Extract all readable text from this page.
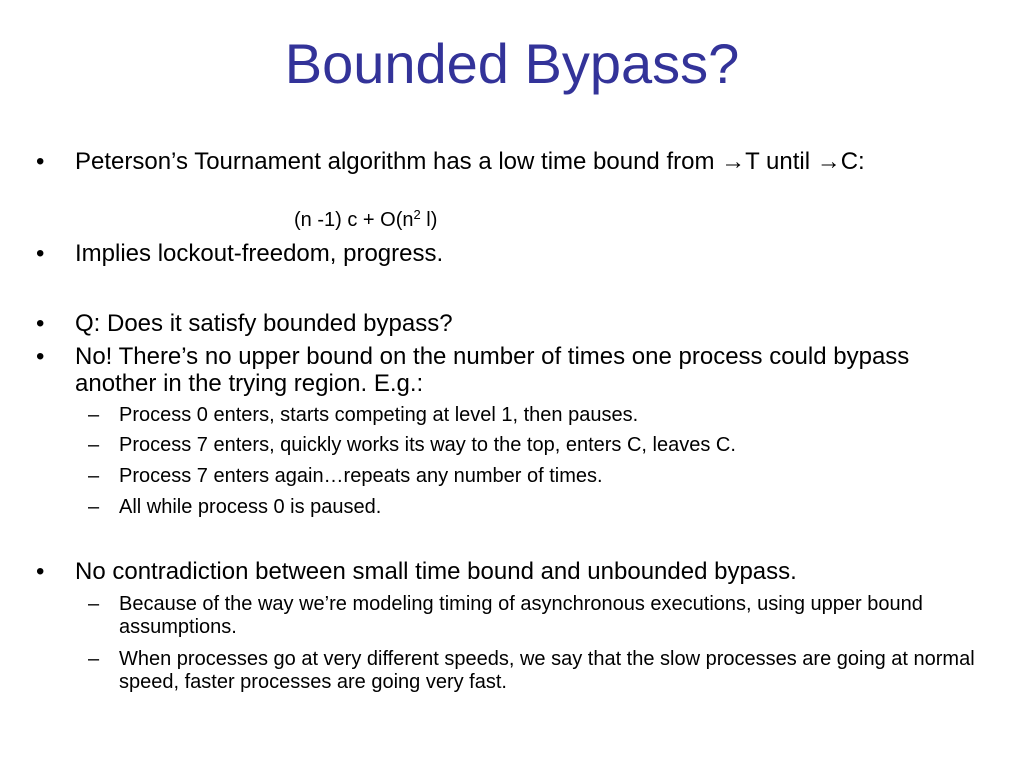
Bounded Bypass?
•	Peterson’s Tournament algorithm has a low time bound from →T until →C:
(n -1) $c + O(n^2$ l)
•	Implies lockout-freedom, progress.
•	Q: Does it satisfy bounded bypass?
•	No! There’s no upper bound on the number of times one process could bypass another in the trying region. E.g.:
– Process 0 enters, starts competing at level 1, then pauses.
– Process 7 enters, quickly works its way to the top, enters C, leaves C.
– Process 7 enters again…repeats any number of times.
– All while process 0 is paused.
•	No contradiction between small time bound and unbounded bypass.
– Because of the way we’re modeling timing of asynchronous executions, using upper bound assumptions.
– When processes go at very different speeds, we say that the slow processes are going at normal speed, faster processes are going very fast.
